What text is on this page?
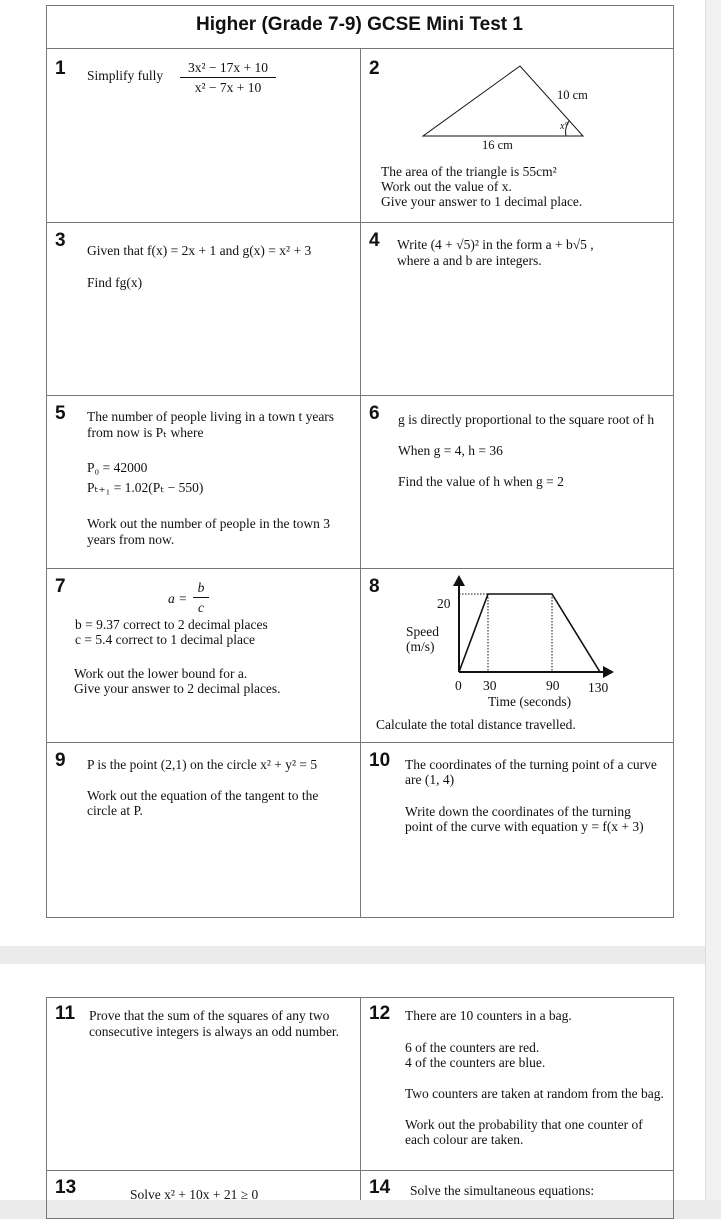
Higher (Grade 7-9) GCSE Mini Test 1
1 Simplify fully
3x² − 17x + 10
x² − 7x + 10
2
10 cm
16 cm
x°
The area of the triangle is 55cm²
Work out the value of x.
Give your answer to 1 decimal place.
3 Given that f(x) = 2x + 1 and g(x) = x² + 3
Find fg(x)
4 Write (4 + √5)² in the form a + b√5 ,
where a and b are integers.
5 The number of people living in a town t years
from now is Pₜ where
P₀ = 42000
Pₜ₊₁ = 1.02(Pₜ − 550)
Work out the number of people in the town 3
years from now.
6 g is directly proportional to the square root of h
When g = 4, h = 36
Find the value of h when g = 2
7
a =
b
c
b = 9.37 correct to 2 decimal places
c = 5.4 correct to 1 decimal place
Work out the lower bound for a.
Give your answer to 2 decimal places.
8
20
Speed
(m/s)
0 30	90 130
Time (seconds)
Calculate the total distance travelled.
9 P is the point (2,1) on the circle x² + y² = 5
Work out the equation of the tangent to the
circle at P.
10 The coordinates of the turning point of a curve
are (1, 4)
Write down the coordinates of the turning
point of the curve with equation y = f(x + 3)
11 Prove that the sum of the squares of any two
consecutive integers is always an odd number.
12 There are 10 counters in a bag.
6 of the counters are red.
4 of the counters are blue.
Two counters are taken at random from the bag.
Work out the probability that one counter of
each colour are taken.
13	Solve x² + 10x + 21 ≥ 0	14 Solve the simultaneous equations:
